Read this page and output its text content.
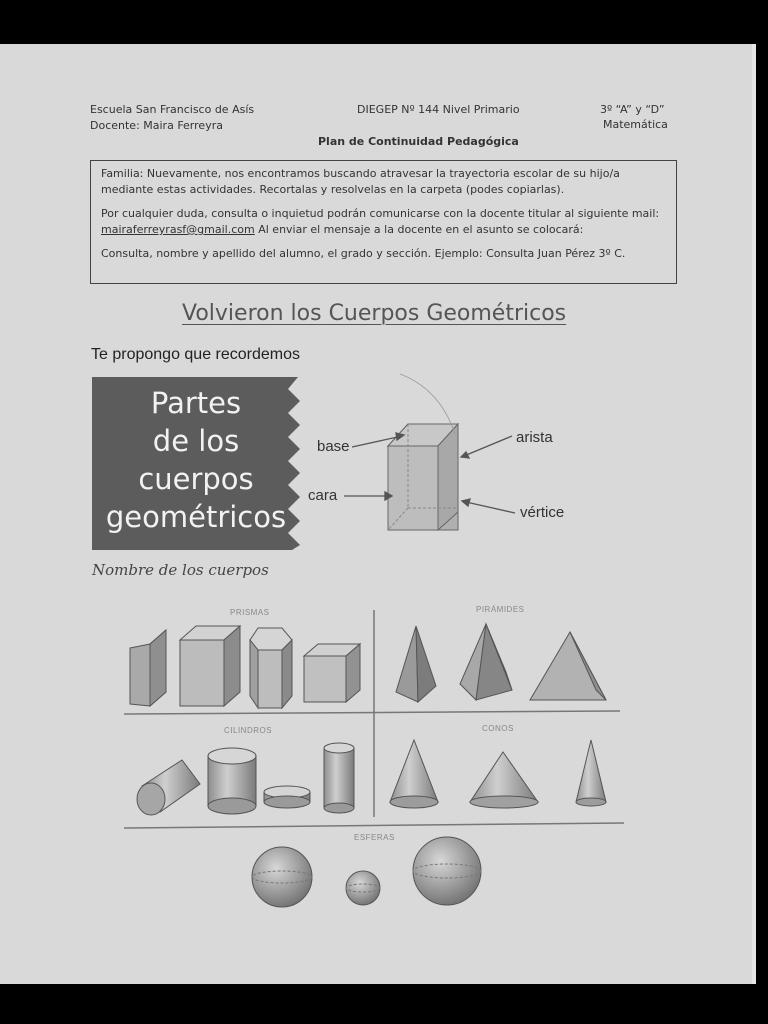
Escuela San Francisco de Asís
Docente: Maira Ferreyra
DIEGEP Nº 144 Nivel Primario	3º “A” y “D”
Matemática
Plan de Continuidad Pedagógica

Familia: Nuevamente, nos encontramos buscando atravesar la trayectoria escolar de su hijo/a mediante estas actividades. Recortalas y resolvelas en la carpeta (podes copiarlas).

Por cualquier duda, consulta o inquietud podrán comunicarse con la docente titular al siguiente mail:
mairaferreyrasf@gmail.com Al enviar el mensaje a la docente en el asunto se colocará:

Consulta, nombre y apellido del alumno, el grado y sección. Ejemplo: Consulta Juan Pérez 3º C.

Volvieron los Cuerpos Geométricos
Te propongo que recordemos
Partes
de los
cuerpos
geométricos
base
cara
arista
vértice
Nombre de los cuerpos
PRISMAS	PIRÁMIDES
CILINDROS	CONOS
ESFERAS
